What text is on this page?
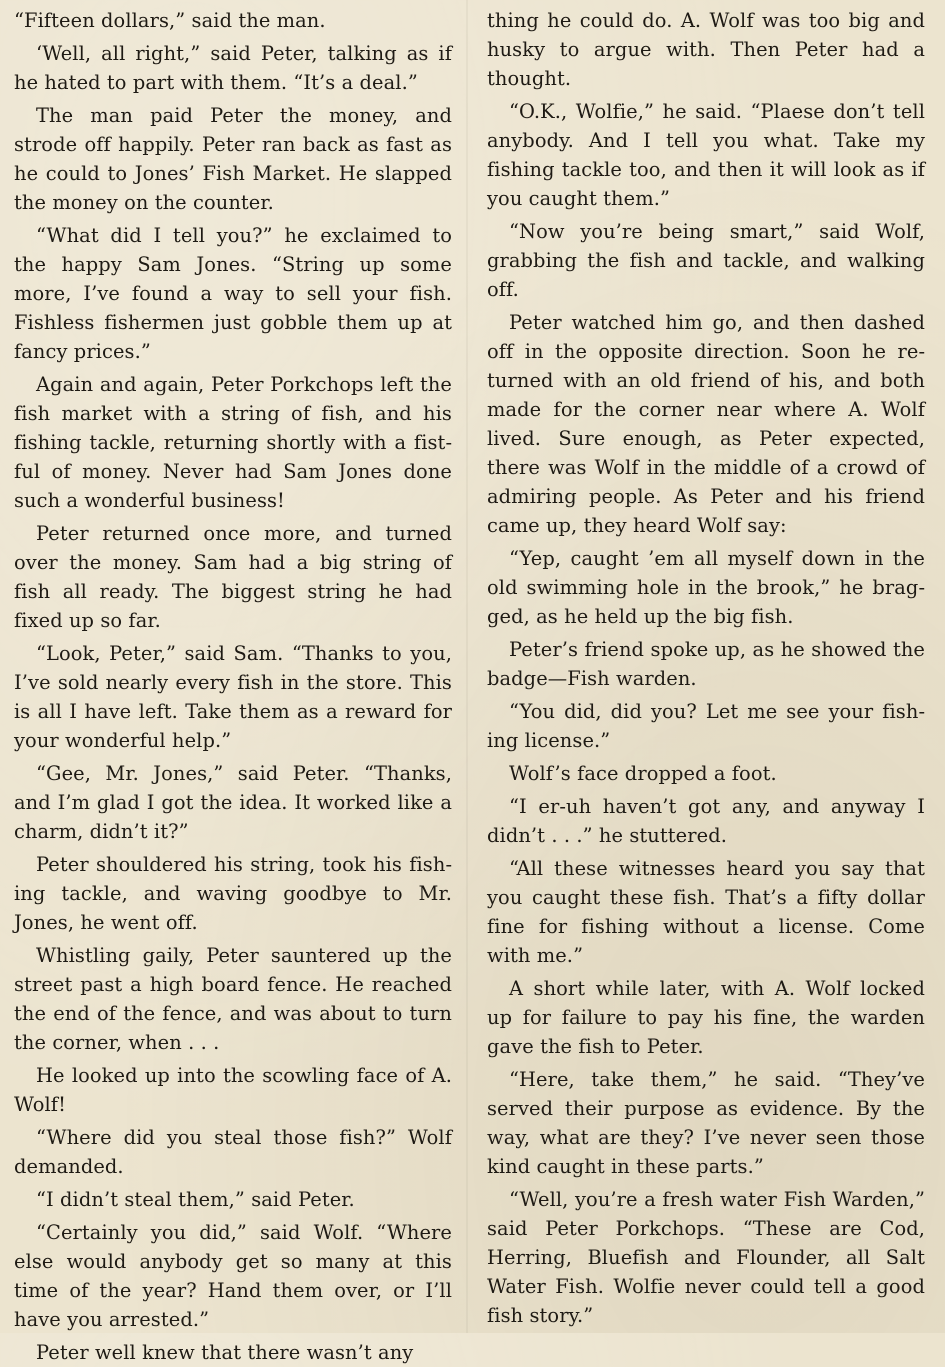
“Fifteen dollars,” said the man.

‘Well, all right,” said Peter, talking as if he hated to part with them. “It’s a deal.”

The man paid Peter the money, and strode off happily. Peter ran back as fast as he could to Jones’ Fish Market. He slapped the money on the counter.

“What did I tell you?” he exclaimed to the happy Sam Jones. “String up some more, I’ve found a way to sell your fish. Fishless fishermen just gobble them up at fancy prices.”

Again and again, Peter Porkchops left the fish market with a string of fish, and his fishing tackle, returning shortly with a fistful of money. Never had Sam Jones done such a wonderful business!

Peter returned once more, and turned over the money. Sam had a big string of fish all ready. The biggest string he had fixed up so far.

“Look, Peter,” said Sam. “Thanks to you, I’ve sold nearly every fish in the store. This is all I have left. Take them as a reward for your wonderful help.”

“Gee, Mr. Jones,” said Peter. “Thanks, and I’m glad I got the idea. It worked like a charm, didn’t it?”

Peter shouldered his string, took his fishing tackle, and waving goodbye to Mr. Jones, he went off.

Whistling gaily, Peter sauntered up the street past a high board fence. He reached the end of the fence, and was about to turn the corner, when . . .

He looked up into the scowling face of A. Wolf!

“Where did you steal those fish?” Wolf demanded.

“I didn’t steal them,” said Peter.

“Certainly you did,” said Wolf. “Where else would anybody get so many at this time of the year? Hand them over, or I’ll have you arrested.”

Peter well knew that there wasn’t any

thing he could do. A. Wolf was too big and husky to argue with. Then Peter had a thought.

“O.K., Wolfie,” he said. “Plaese don’t tell anybody. And I tell you what. Take my fishing tackle too, and then it will look as if you caught them.”

“Now you’re being smart,” said Wolf, grabbing the fish and tackle, and walking off.

Peter watched him go, and then dashed off in the opposite direction. Soon he returned with an old friend of his, and both made for the corner near where A. Wolf lived. Sure enough, as Peter expected, there was Wolf in the middle of a crowd of admiring people. As Peter and his friend came up, they heard Wolf say:

“Yep, caught ’em all myself down in the old swimming hole in the brook,” he bragged, as he held up the big fish.

Peter’s friend spoke up, as he showed the badge—Fish warden.

“You did, did you? Let me see your fishing license.”

Wolf’s face dropped a foot.

“I er-uh haven’t got any, and anyway I didn’t . . .” he stuttered.

“All these witnesses heard you say that you caught these fish. That’s a fifty dollar fine for fishing without a license. Come with me.”

A short while later, with A. Wolf locked up for failure to pay his fine, the warden gave the fish to Peter.

“Here, take them,” he said. “They’ve served their purpose as evidence. By the way, what are they? I’ve never seen those kind caught in these parts.”

“Well, you’re a fresh water Fish Warden,” said Peter Porkchops. “These are Cod, Herring, Bluefish and Flounder, all Salt Water Fish. Wolfie never could tell a good fish story.”
